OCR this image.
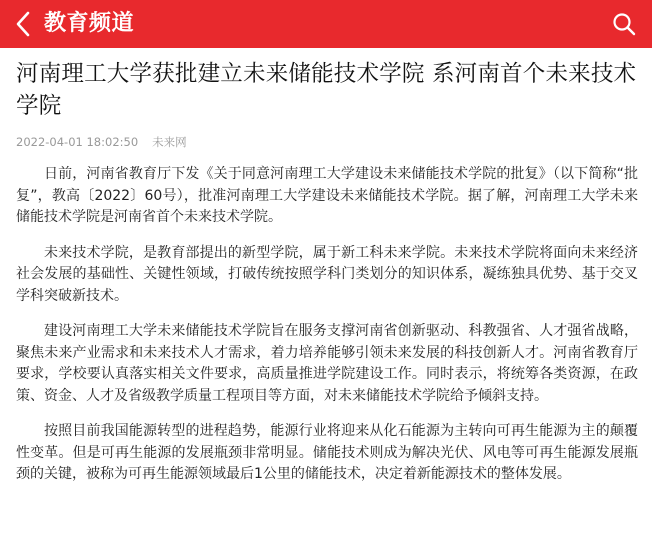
教育频道
河南理工大学获批建立未来储能技术学院 系河南首个未来技术学院
2022-04-01 18:02:50 未来网

日前，河南省教育厅下发《关于同意河南理工大学建设未来储能技术学院的批复》（以下简称“批复”，教高〔2022〕60号），批准河南理工大学建设未来储能技术学院。据了解，河南理工大学未来储能技术学院是河南省首个未来技术学院。

未来技术学院，是教育部提出的新型学院，属于新工科未来学院。未来技术学院将面向未来经济社会发展的基础性、关键性领域，打破传统按照学科门类划分的知识体系，凝练独具优势、基于交叉学科突破新技术。

建设河南理工大学未来储能技术学院旨在服务支撑河南省创新驱动、科教强省、人才强省战略，聚焦未来产业需求和未来技术人才需求，着力培养能够引领未来发展的科技创新人才。河南省教育厅要求，学校要认真落实相关文件要求，高质量推进学院建设工作。同时表示，将统筹各类资源，在政策、资金、人才及省级教学质量工程项目等方面，对未来储能技术学院给予倾斜支持。

按照目前我国能源转型的进程趋势，能源行业将迎来从化石能源为主转向可再生能源为主的颠覆性变革。但是可再生能源的发展瓶颈非常明显。储能技术则成为解决光伏、风电等可再生能源发展瓶颈的关键，被称为可再生能源领域最后1公里的储能技术，决定着新能源技术的整体发展。
